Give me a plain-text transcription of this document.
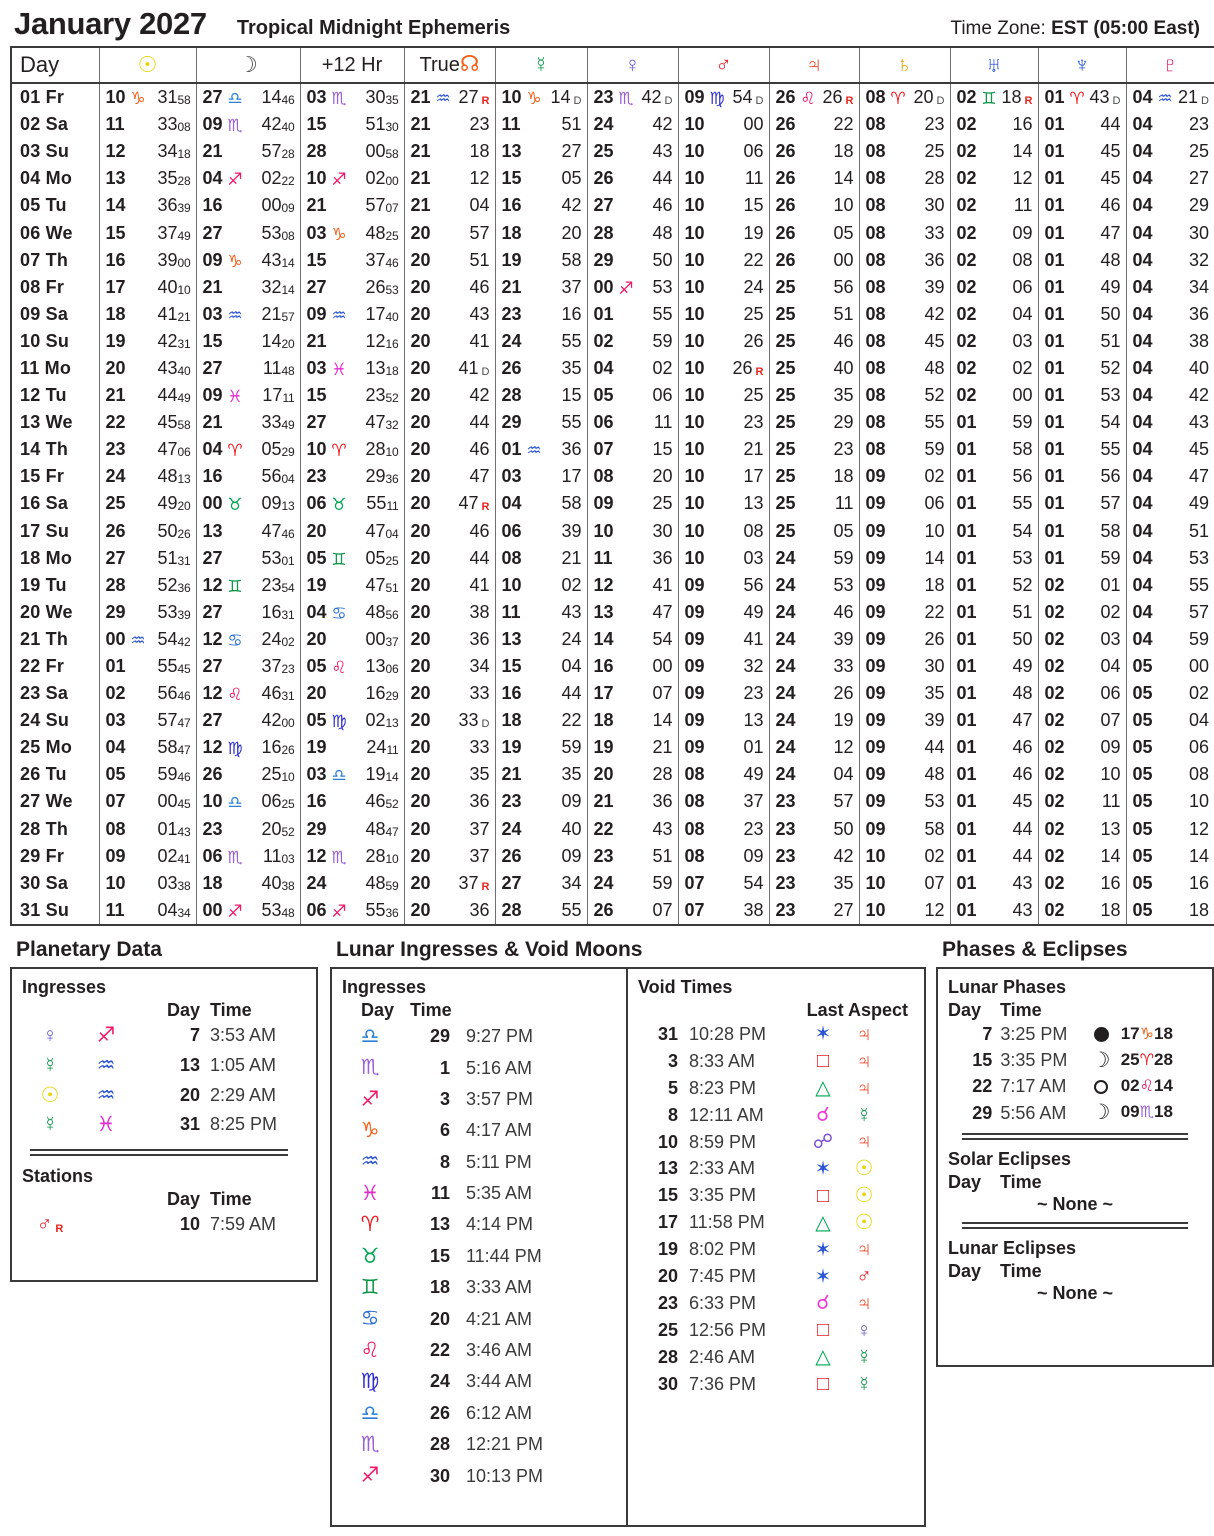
January 2027 Tropical Midnight Ephemeris	Time Zone: EST (05:00 East)
Day	☉	☽	+12 Hr	True☊	☿	♀	♂	♃	♄	♅	♆	♇

01 Fr	10 ♑ 3158	27 ♎ 1446	03 ♏ 3035	21 ♒ 27 R	10 ♑ 14 D	23 ♏ 42 D	09 ♍ 54 D	26 ♌ 26 R	08 ♈ 20 D	02 ♊ 18 R	01 ♈ 43 D	04 ♒ 21 D

02 Sa	11 3308	09 ♏ 4240	15 5130	21 23	11 51	24 42	10 00	26 22	08 23	02 16	01 44	04 23

03 Su	12 3418	21 5728	28 0058	21 18	13 27	25 43	10 06	26 18	08 25	02 14	01 45	04 25

04 Mo	13 3528	04 ♐ 0222	10 ♐ 0200	21 12	15 05	26 44	10 11	26 14	08 28	02 12	01 45	04 27

05 Tu	14 3639	16 0009	21 5707	21 04	16 42	27 46	10 15	26 10	08 30	02 11	01 46	04 29

06 We	15 3749	27 5308	03 ♑ 4825	20 57	18 20	28 48	10 19	26 05	08 33	02 09	01 47	04 30

07 Th	16 3900	09 ♑ 4314	15 3746	20 51	19 58	29 50	10 22	26 00	08 36	02 08	01 48	04 32

08 Fr	17 4010	21 3214	27 2653	20 46	21 37	00 ♐ 53	10 24	25 56	08 39	02 06	01 49	04 34

09 Sa	18 4121	03 ♒ 2157	09 ♒ 1740	20 43	23 16	01 55	10 25	25 51	08 42	02 04	01 50	04 36

10 Su	19 4231	15 1420	21 1216	20 41	24 55	02 59	10 26	25 46	08 45	02 03	01 51	04 38

11 Mo	20 4340	27 1148	03 ♓ 1318	20 41 D	26 35	04 02	10 26 R	25 40	08 48	02 02	01 52	04 40

12 Tu	21 4449	09 ♓ 1711	15 2352	20 42	28 15	05 06	10 25	25 35	08 52	02 00	01 53	04 42

13 We	22 4558	21 3349	27 4732	20 44	29 55	06 11	10 23	25 29	08 55	01 59	01 54	04 43

14 Th	23 4706	04 ♈ 0529	10 ♈ 2810	20 46	01 ♒ 36	07 15	10 21	25 23	08 59	01 58	01 55	04 45

15 Fr	24 4813	16 5604	23 2936	20 47	03 17	08 20	10 17	25 18	09 02	01 56	01 56	04 47

16 Sa	25 4920	00 ♉ 0913	06 ♉ 5511	20 47 R	04 58	09 25	10 13	25 11	09 06	01 55	01 57	04 49

17 Su	26 5026	13 4746	20 4704	20 46	06 39	10 30	10 08	25 05	09 10	01 54	01 58	04 51

18 Mo	27 5131	27 5301	05 ♊ 0525	20 44	08 21	11 36	10 03	24 59	09 14	01 53	01 59	04 53

19 Tu	28 5236	12 ♊ 2354	19 4751	20 41	10 02	12 41	09 56	24 53	09 18	01 52	02 01	04 55

20 We	29 5339	27 1631	04 ♋ 4856	20 38	11 43	13 47	09 49	24 46	09 22	01 51	02 02	04 57

21 Th	00 ♒ 5442	12 ♋ 2402	20 0037	20 36	13 24	14 54	09 41	24 39	09 26	01 50	02 03	04 59

22 Fr	01 5545	27 3723	05 ♌ 1306	20 34	15 04	16 00	09 32	24 33	09 30	01 49	02 04	05 00

23 Sa	02 5646	12 ♌ 4631	20 1629	20 33	16 44	17 07	09 23	24 26	09 35	01 48	02 06	05 02

24 Su	03 5747	27 4200	05 ♍ 0213	20 33 D	18 22	18 14	09 13	24 19	09 39	01 47	02 07	05 04

25 Mo	04 5847	12 ♍ 1626	19 2411	20 33	19 59	19 21	09 01	24 12	09 44	01 46	02 09	05 06

26 Tu	05 5946	26 2510	03 ♎ 1914	20 35	21 35	20 28	08 49	24 04	09 48	01 46	02 10	05 08

27 We	07 0045	10 ♎ 0625	16 4652	20 36	23 09	21 36	08 37	23 57	09 53	01 45	02 11	05 10

28 Th	08 0143	23 2052	29 4847	20 37	24 40	22 43	08 23	23 50	09 58	01 44	02 13	05 12

29 Fr	09 0241	06 ♏ 1103	12 ♏ 2810	20 37	26 09	23 51	08 09	23 42	10 02	01 44	02 14	05 14

30 Sa	10 0338	18 4038	24 4859	20 37 R	27 34	24 59	07 54	23 35	10 07	01 43	02 16	05 16

31 Su	11 0434	00 ♐ 5348	06 ♐ 5536	20 36	28 55	26 07	07 38	23 27	10 12	01 43	02 18	05 18
Planetary Data
Ingresses
Day Time
♀	♐	7 3:53 AM
☿	♒	13 1:05 AM
☉	♒	20 2:29 AM
☿	♓	31 8:25 PM
Stations
Day Time
♂ R	10 7:59 AM
Lunar Ingresses & Void Moons
Ingresses
Day Time
♎	29 9:27 PM
♏	1 5:16 AM
♐	3 3:57 PM
♑	6 4:17 AM
♒	8 5:11 PM
♓	11 5:35 AM
♈	13 4:14 PM
♉	15 11:44 PM
♊	18 3:33 AM
♋	20 4:21 AM
♌	22 3:46 AM
♍	24 3:44 AM
♎	26 6:12 AM
♏	28 12:21 PM
♐	30 10:13 PM
Void Times
Last Aspect
31 10:28 PM	✶	♃
3 8:33 AM	□	♃
5 8:23 PM	△	♃
8 12:11 AM	☌	☿
10 8:59 PM	☍	♃
13 2:33 AM	✶	☉
15 3:35 PM	□	☉
17 11:58 PM	△	☉
19 8:02 PM	✶	♃
20 7:45 PM	✶	♂
23 6:33 PM	☌	♃
25 12:56 PM	□	♀
28 2:46 AM	△	☿
30 7:36 PM	□	☿
Phases & Eclipses
Lunar Phases
Day	Time
7 3:25 PM	17♑18
15 3:35 PM	☽ 25♈28
22 7:17 AM	02♌14
29 5:56 AM	☽ 09♏18
Solar Eclipses
Day	Time
~ None ~
Lunar Eclipses
Day	Time
~ None ~
